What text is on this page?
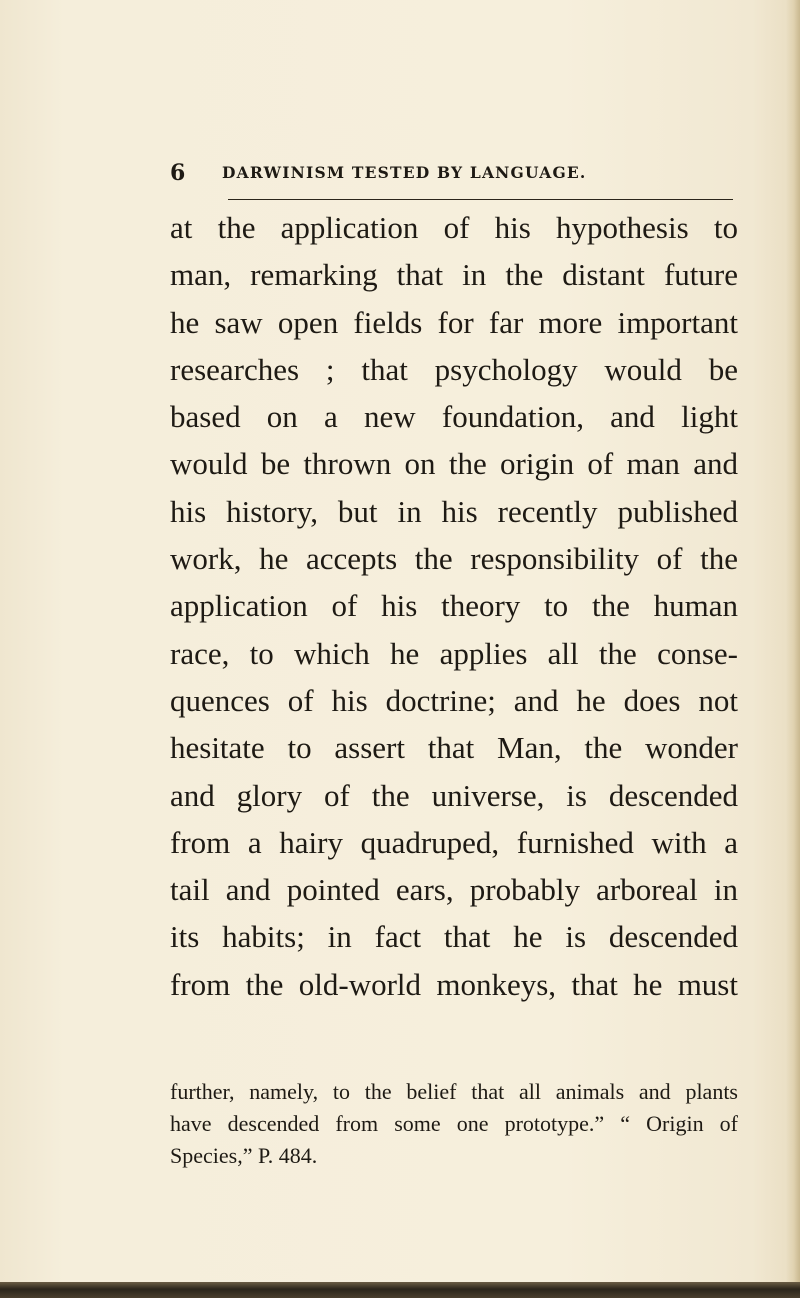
6 DARWINISM TESTED BY LANGUAGE.
at the application of his hypothesis to
man, remarking that in the distant future
he saw open fields for far more important
researches ; that psychology would be
based on a new foundation, and light
would be thrown on the origin of man and
his history, but in his recently published
work, he accepts the responsibility of the
application of his theory to the human
race, to which he applies all the conse-
quences of his doctrine; and he does not
hesitate to assert that Man, the wonder
and glory of the universe, is descended
from a hairy quadruped, furnished with a
tail and pointed ears, probably arboreal in
its habits; in fact that he is descended
from the old-world monkeys, that he must
further, namely, to the belief that all animals and plants
have descended from some one prototype.” “ Origin of
Species,” P. 484.
